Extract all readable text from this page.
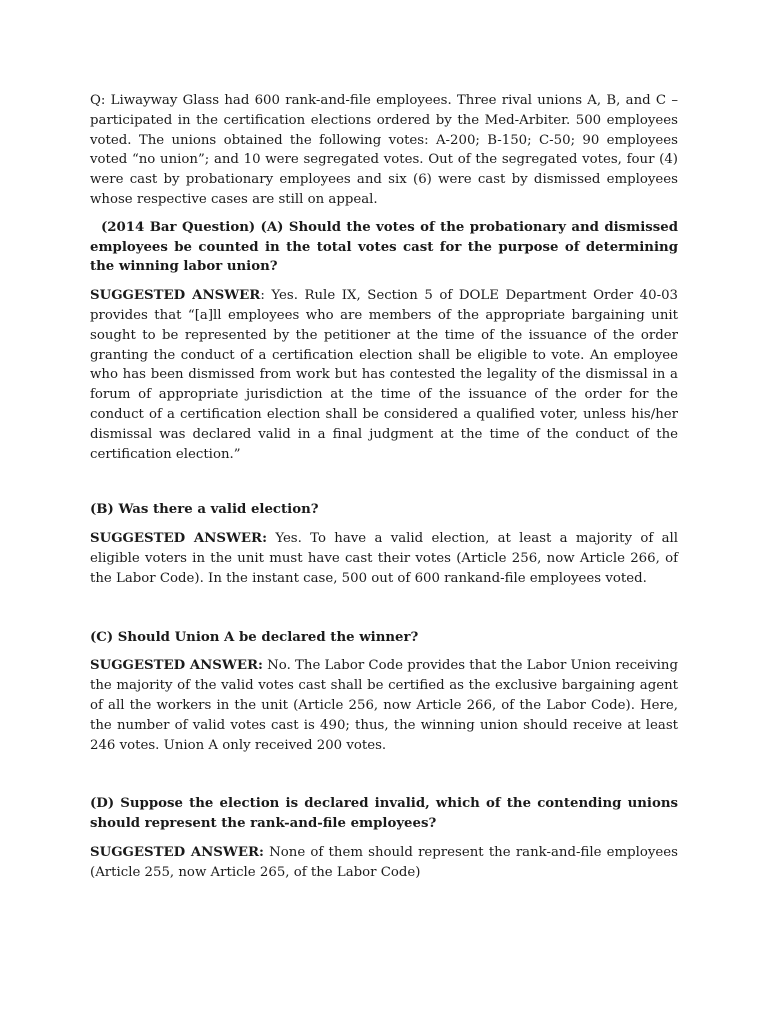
Q: Liwayway Glass had 600 rank-and-file employees. Three rival unions A, B, and C – participated in the certification elections ordered by the Med-Arbiter. 500 employees voted. The unions obtained the following votes: A-200; B-150; C-50; 90 employees voted “no union”; and 10 were segregated votes. Out of the segregated votes, four (4) were cast by probationary employees and six (6) were cast by dismissed employees whose respective cases are still on appeal.

(2014 Bar Question) (A) Should the votes of the probationary and dismissed employees be counted in the total votes cast for the purpose of determining the winning labor union?

SUGGESTED ANSWER: Yes. Rule IX, Section 5 of DOLE Department Order 40-03 provides that “[a]ll employees who are members of the appropriate bargaining unit sought to be represented by the petitioner at the time of the issuance of the order granting the conduct of a certification election shall be eligible to vote. An employee who has been dismissed from work but has contested the legality of the dismissal in a forum of appropriate jurisdiction at the time of the issuance of the order for the conduct of a certification election shall be considered a qualified voter, unless his/her dismissal was declared valid in a final judgment at the time of the conduct of the certification election.”

(B) Was there a valid election?

SUGGESTED ANSWER: Yes. To have a valid election, at least a majority of all eligible voters in the unit must have cast their votes (Article 256, now Article 266, of the Labor Code). In the instant case, 500 out of 600 rankand-file employees voted.

(C) Should Union A be declared the winner?

SUGGESTED ANSWER: No. The Labor Code provides that the Labor Union receiving the majority of the valid votes cast shall be certified as the exclusive bargaining agent of all the workers in the unit (Article 256, now Article 266, of the Labor Code). Here, the number of valid votes cast is 490; thus, the winning union should receive at least 246 votes. Union A only received 200 votes.

(D) Suppose the election is declared invalid, which of the contending unions should represent the rank-and-file employees?

SUGGESTED ANSWER: None of them should represent the rank-and-file employees (Article 255, now Article 265, of the Labor Code)
